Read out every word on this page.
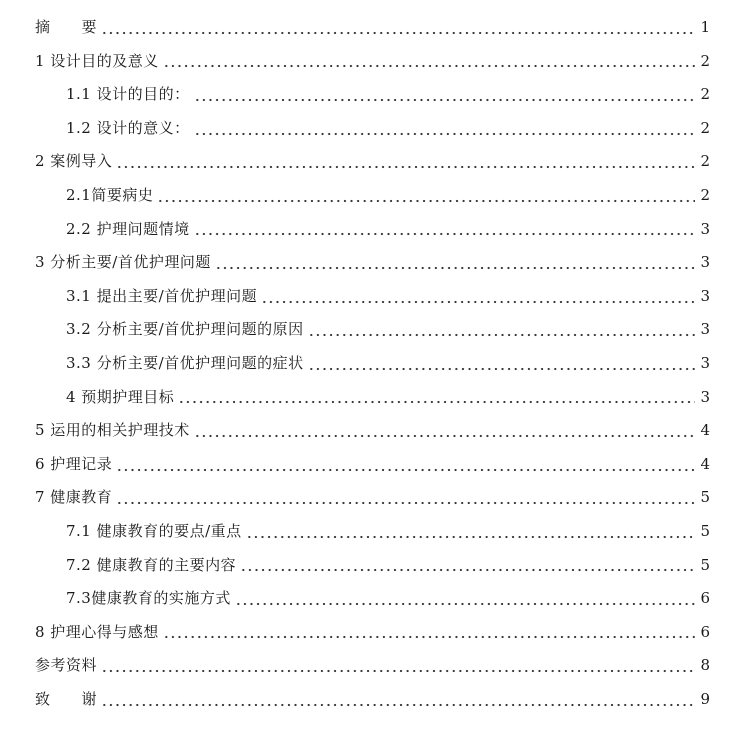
摘　　要	1
1 设计目的及意义	2
1.1 设计的目的：	2
1.2 设计的意义：	2
2 案例导入	2
2.1简要病史	2
2.2 护理问题情境	3
3 分析主要/首优护理问题	3
3.1 提出主要/首优护理问题	3
3.2 分析主要/首优护理问题的原因	3
3.3 分析主要/首优护理问题的症状	3
4 预期护理目标	3
5 运用的相关护理技术	4
6 护理记录	4
7 健康教育	5
7.1 健康教育的要点/重点	5
7.2 健康教育的主要内容	5
7.3健康教育的实施方式	6
8 护理心得与感想	6
参考资料	8
致　　谢	9
